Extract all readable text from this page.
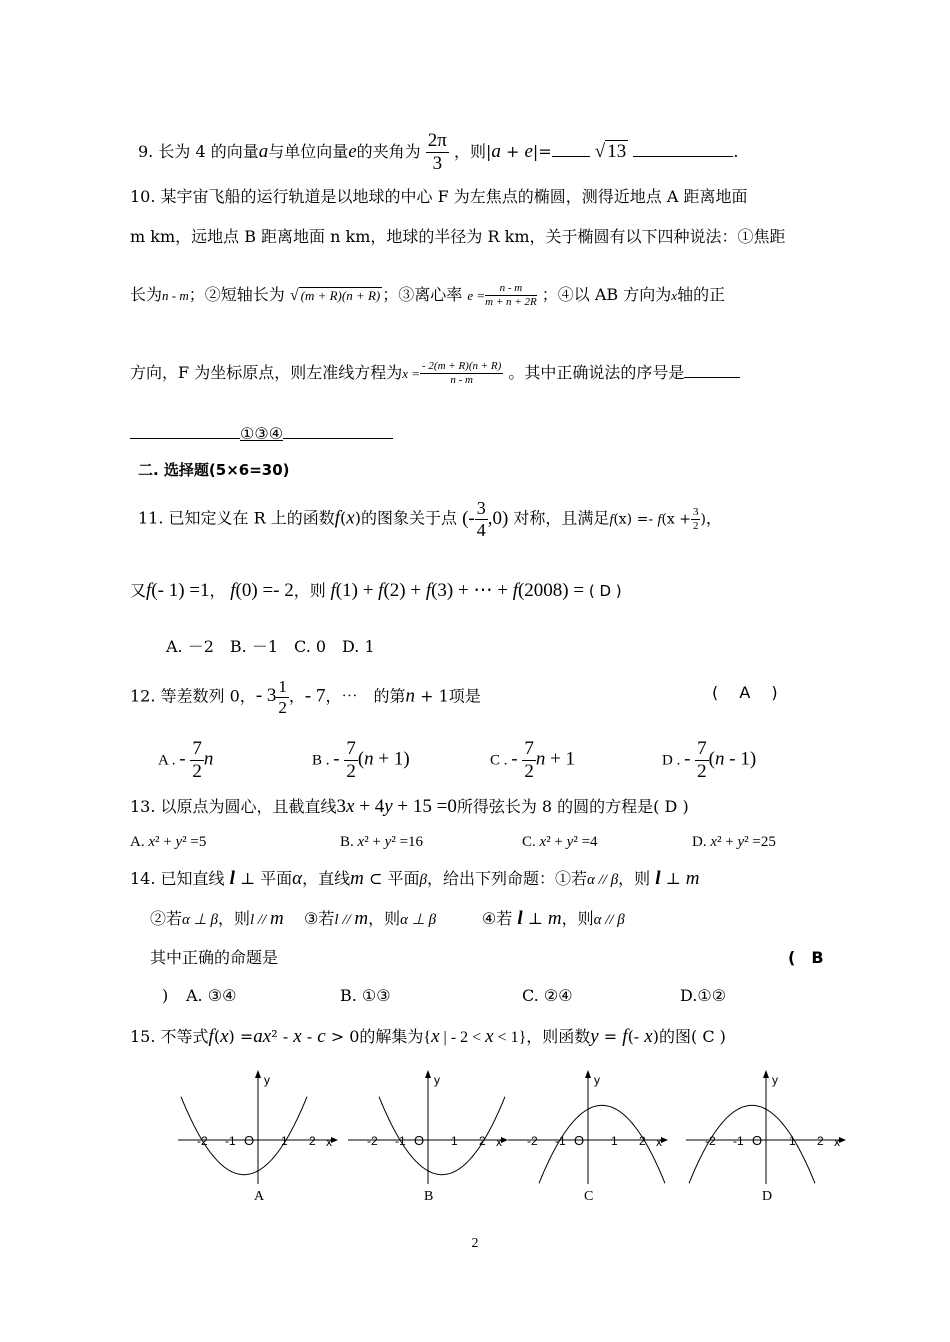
9. 长为 4 的向量a与单位向量e的夹角为 $\frac{2\pi}{3}$ ，则|a + e|= √ 13	.
10. 某宇宙飞船的运行轨道是以地球的中心 F 为左焦点的椭圆，测得近地点 A 距离地面
m km，远地点 B 距离地面 n km，地球的半径为 R km，关于椭圆有以下四种说法：①焦距
长为n - m；②短轴长为 √ (m + R)(n + R) ；③离心率 $e = \frac{n - m}{m + n + 2R}$ ；④以 AB 方向为x轴的正
方向，F 为坐标原点，则左准线方程为$x = \frac{- 2(m + R)(n + R)}{n - m}$ 。其中正确说法的序号是
①③④
二. 选择题(5×6=30)
11. 已知定义在 R 上的函数f(x)的图象关于点 (- $\frac{3}{4} ,0$) 对称，且满足$f(x) =- f(x + \frac{3}{2}$ )，
又f(- 1) =1， f(0) =- 2，则 f(1) + f(2) + f(3) + ⋯ + f(2008) = ( D )
A. －2　B. －1　C. 0　D. 1
12. 等差数列 0，- $3 \frac{1}{2}$ ，- 7，⋯　的第n + 1项是	(　 A　 )
A . - $\frac{7}{2}$ n	B . - $\frac{7}{2} (n + 1)$	C . - $\frac{7}{2}$ n + 1	D . - $\frac{7}{2} (n - 1)$
13. 以原点为圆心，且截直线3x + 4y + 15 =0所得弦长为 8 的圆的方程是( D )
A. x² + y² =5	B. x² + y² =16	C. x² + y² =4	D. x² + y² =25
14. 已知直线 l ⊥ 平面α，直线m ⊂ 平面β，给出下列命题：①若α // β，则 l ⊥ m
②若α ⊥ β，则l // m ③若l // m，则α ⊥ β	④若 l ⊥ m，则α // β
其中正确的命题是	(　B
) A. ③④	B. ①③	C. ②④	D.①②
15. 不等式f(x) =ax² - x - c > 0的解集为{x | - 2 < x < 1}，则函数y = f(- x)的图( C )
y
x
O
-2 -1	1 2
A
y
x
O
-2 -1	1 2
B
y
x
O
-2 -1	1 2
C
y
x
O
-2 -1	1 2
D
2
